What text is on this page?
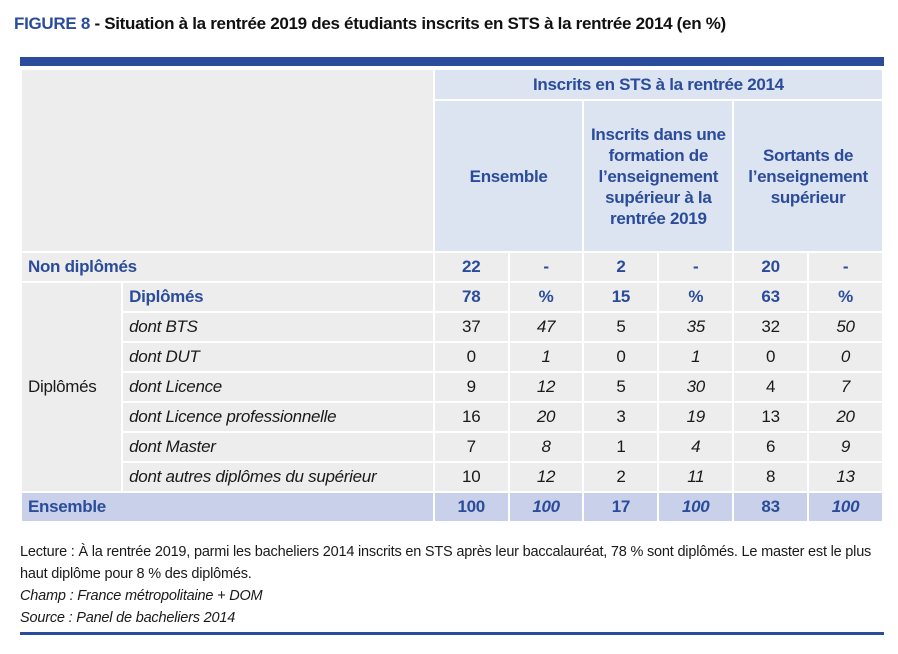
FIGURE 8 - Situation à la rentrée 2019 des étudiants inscrits en STS à la rentrée 2014 (en %)
		Inscrits en STS à la rentrée 2014					
		Ensemble		Inscrits dans une formation de l’enseignement supérieur à la rentrée 2019		Sortants de l’enseignement supérieur	
Non diplômés		22	-	2	-	20	-
Diplômés	Diplômés	78	%	15	%	63	%
	dont BTS	37	47	5	35	32	50
	dont DUT	0	1	0	1	0	0
	dont Licence	9	12	5	30	4	7
	dont Licence professionnelle	16	20	3	19	13	20
	dont Master	7	8	1	4	6	9
	dont autres diplômes du supérieur	10	12	2	11	8	13
Ensemble		100	100	17	100	83	100
Lecture : À la rentrée 2019, parmi les bacheliers 2014 inscrits en STS après leur baccalauréat, 78 % sont diplômés. Le master est le plus haut diplôme pour 8 % des diplômés.
Champ : France métropolitaine + DOM
Source : Panel de bacheliers 2014
